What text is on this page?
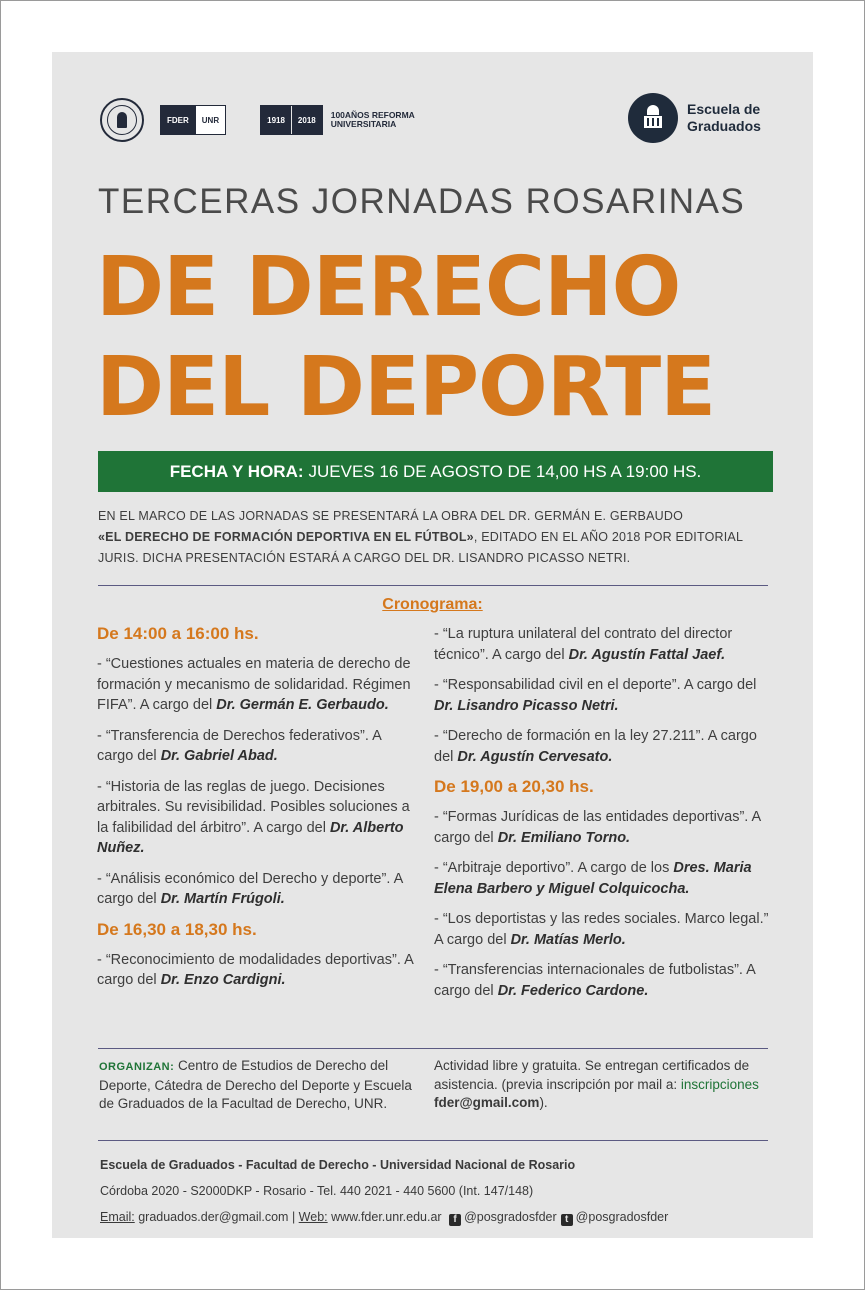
FDER	UNR	1918	2018	100AÑOS REFORMA UNIVERSITARIA
Escuela de Graduados
TERCERAS JORNADAS ROSARINAS
DE DERECHO
DEL DEPORTE
FECHA Y HORA: JUEVES 16 DE AGOSTO DE 14,00 HS A 19:00 HS.
EN EL MARCO DE LAS JORNADAS SE PRESENTARÁ LA OBRA DEL DR. GERMÁN E. GERBAUDO
«EL DERECHO DE FORMACIÓN DEPORTIVA EN EL FÚTBOL», EDITADO EN EL AÑO 2018 POR EDITORIAL JURIS. DICHA PRESENTACIÓN ESTARÁ A CARGO DEL DR. LISANDRO PICASSO NETRI.
Cronograma:
De 14:00 a 16:00 hs.
- “Cuestiones actuales en materia de derecho de formación y mecanismo de solidaridad. Régimen FIFA”. A cargo del Dr. Germán E. Gerbaudo.
- “Transferencia de Derechos federativos”. A cargo del Dr. Gabriel Abad.
- “Historia de las reglas de juego. Decisiones arbitrales. Su revisibilidad. Posibles soluciones a la falibilidad del árbitro”. A cargo del Dr. Alberto Nuñez.
- “Análisis económico del Derecho y deporte”. A cargo del Dr. Martín Frúgoli.
De 16,30 a 18,30 hs.
- “Reconocimiento de modalidades deportivas”. A cargo del Dr. Enzo Cardigni.
- “La ruptura unilateral del contrato del director técnico”. A cargo del Dr. Agustín Fattal Jaef.
- “Responsabilidad civil en el deporte”. A cargo del Dr. Lisandro Picasso Netri.
- “Derecho de formación en la ley 27.211”. A cargo del Dr. Agustín Cervesato.
De 19,00 a 20,30 hs.
- “Formas Jurídicas de las entidades deportivas”. A cargo del Dr. Emiliano Torno.
- “Arbitraje deportivo”. A cargo de los Dres. Maria Elena Barbero y Miguel Colquicocha.
- “Los deportistas y las redes sociales. Marco legal.” A cargo del Dr. Matías Merlo.
- “Transferencias internacionales de futbolistas”. A cargo del Dr. Federico Cardone.
ORGANIZAN: Centro de Estudios de Derecho del Deporte, Cátedra de Derecho del Deporte y Escuela de Graduados de la Facultad de Derecho, UNR.
Actividad libre y gratuita. Se entregan certificados de asistencia. (previa inscripción por mail a: inscripciones fder@gmail.com).
Escuela de Graduados - Facultad de Derecho - Universidad Nacional de Rosario
Córdoba 2020 - S2000DKP - Rosario - Tel. 440 2021 - 440 5600 (Int. 147/148)
Email: graduados.der@gmail.com | Web: www.fder.unr.edu.ar f @posgradosfder t @posgradosfder
